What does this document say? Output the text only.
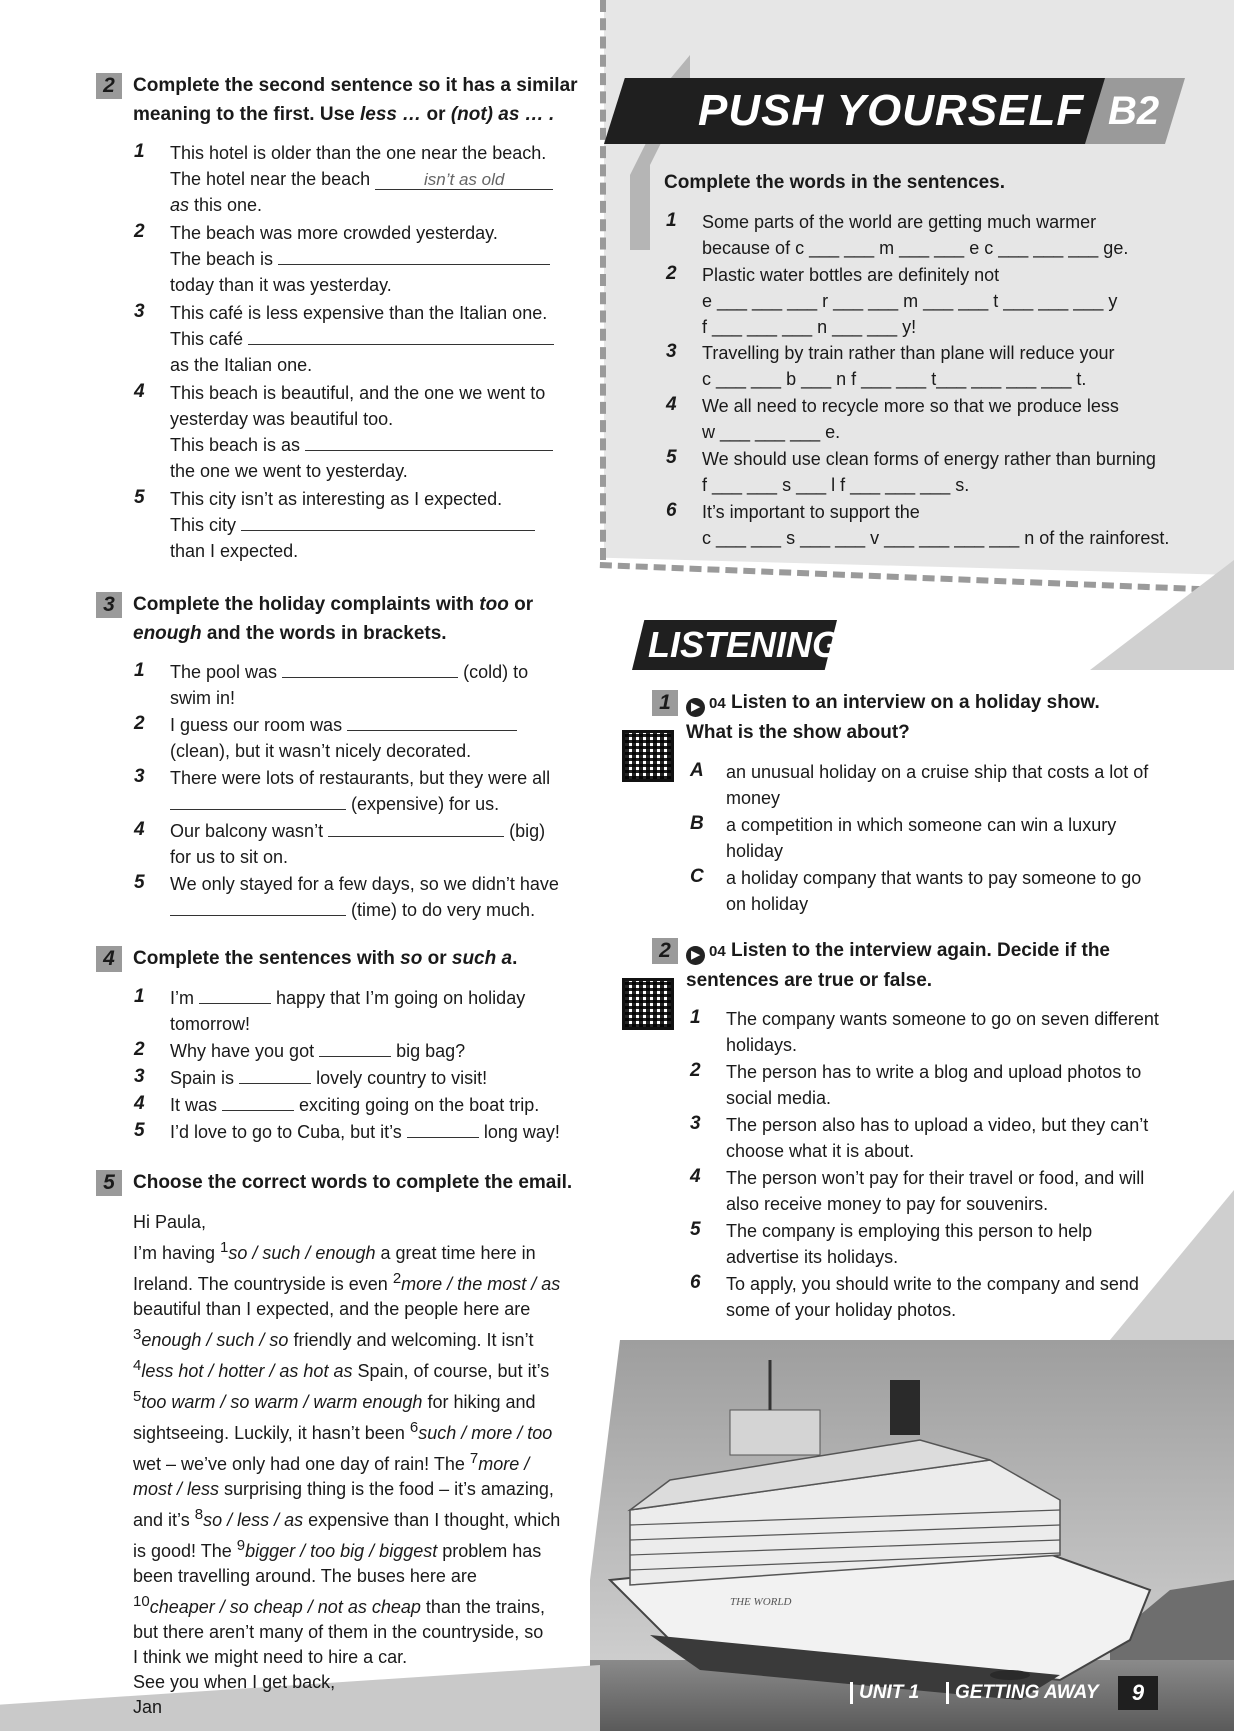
THE WORLD
2 Complete the second sentence so it has a similar
meaning to the first. Use less … or (not) as … .
1 This hotel is older than the one near the beach.
The hotel near the beach	isn’t as old
as this one.
2 The beach was more crowded yesterday.
The beach is
today than it was yesterday.
3 This café is less expensive than the Italian one.
This café
as the Italian one.
4 This beach is beautiful, and the one we went to
yesterday was beautiful too.
This beach is as
the one we went to yesterday.
5 This city isn’t as interesting as I expected.
This city
than I expected.
3 Complete the holiday complaints with too or
enough and the words in brackets.
1 The pool was	(cold) to
swim in!
2 I guess our room was
(clean), but it wasn’t nicely decorated.
3 There were lots of restaurants, but they were all
(expensive) for us.
4 Our balcony wasn’t	(big)
for us to sit on.
5 We only stayed for a few days, so we didn’t have
(time) to do very much.
4 Complete the sentences with so or such a.
1 I’m	happy that I’m going on holiday
tomorrow!
2 Why have you got	big bag?
3 Spain is	lovely country to visit!
4 It was	exciting going on the boat trip.
5 I’d love to go to Cuba, but it’s	long way!
5 Choose the correct words to complete the email.
Hi Paula,
I’m having $^1$so / such / enough a great time here in
Ireland. The countryside is even $^2$more / the most / as
beautiful than I expected, and the people here are
$^3$enough / such / so friendly and welcoming. It isn’t
$^4$less hot / hotter / as hot as Spain, of course, but it’s
$^5$too warm / so warm / warm enough for hiking and
sightseeing. Luckily, it hasn’t been $^6$such / more / too
wet – we’ve only had one day of rain! The $^7$more /
most / less surprising thing is the food – it’s amazing,
and it’s $^8$so / less / as expensive than I thought, which
is good! The $^9$bigger / too big / biggest problem has
been travelling around. The buses here are
$^{10}$cheaper / so cheap / not as cheap than the trains,
but there aren’t many of them in the countryside, so
I think we might need to hire a car.
See you when I get back,
Jan
PUSH YOURSELF B2
Complete the words in the sentences.
1 Some parts of the world are getting much warmer
because of c ___ ___ m ___ ___ e c ___ ___ ___ ge.
2 Plastic water bottles are definitely not
e ___ ___ ___ r ___ ___ m ___ ___ t ___ ___ ___ y
f ___ ___ ___ n ___ ___ y!
3 Travelling by train rather than plane will reduce your
c ___ ___ b ___ n f ___ ___ t___ ___ ___ ___ t.
4 We all need to recycle more so that we produce less
w ___ ___ ___ e.
5 We should use clean forms of energy rather than burning
f ___ ___ s ___ l f ___ ___ ___ s.
6 It’s important to support the
c ___ ___ s ___ ___ v ___ ___ ___ ___ n of the rainforest.
LISTENING
1	▶ 04 Listen to an interview on a holiday show.
What is the show about?
A an unusual holiday on a cruise ship that costs a lot of
money
B a competition in which someone can win a luxury
holiday
C a holiday company that wants to pay someone to go
on holiday
2	▶ 04 Listen to the interview again. Decide if the
sentences are true or false.
1 The company wants someone to go on seven different
holidays.
2 The person has to write a blog and upload photos to
social media.
3 The person also has to upload a video, but they can’t
choose what it is about.
4 The person won’t pay for their travel or food, and will
also receive money to pay for souvenirs.
5 The company is employing this person to help
advertise its holidays.
6 To apply, you should write to the company and send
some of your holiday photos.
UNIT 1	GETTING AWAY	9
